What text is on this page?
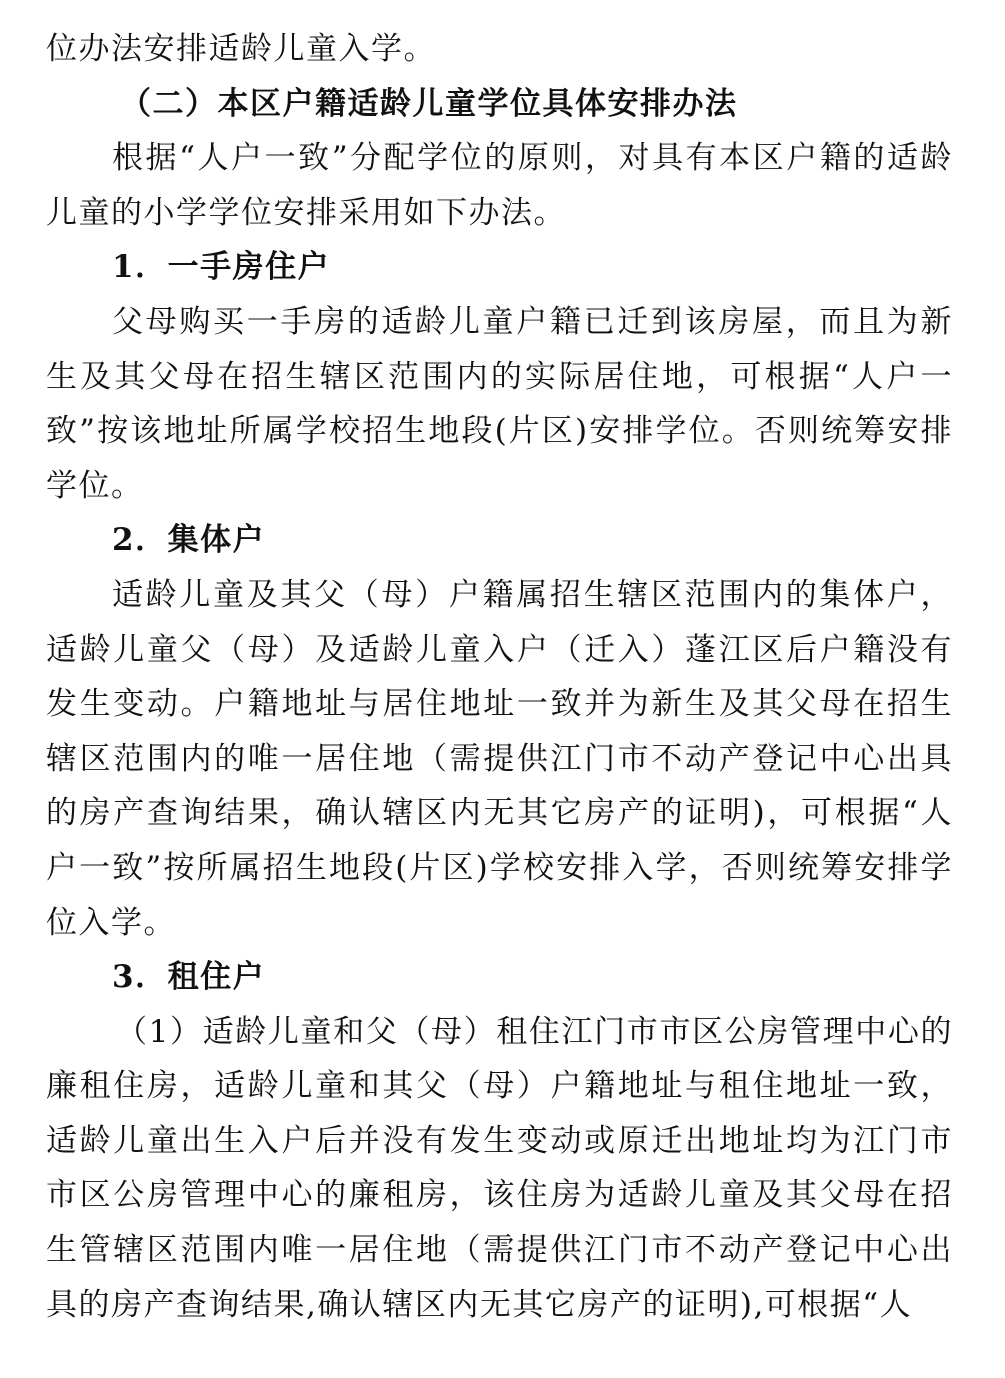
位办法安排适龄儿童入学。

（二）本区户籍适龄儿童学位具体安排办法

根据“人户一致”分配学位的原则，对具有本区户籍的适龄儿童的小学学位安排采用如下办法。

1．一手房住户

父母购买一手房的适龄儿童户籍已迁到该房屋，而且为新生及其父母在招生辖区范围内的实际居住地，可根据“人户一致”按该地址所属学校招生地段(片区)安排学位。否则统筹安排学位。

2．集体户

适龄儿童及其父（母）户籍属招生辖区范围内的集体户，适龄儿童父（母）及适龄儿童入户（迁入）蓬江区后户籍没有发生变动。户籍地址与居住地址一致并为新生及其父母在招生辖区范围内的唯一居住地（需提供江门市不动产登记中心出具的房产查询结果，确认辖区内无其它房产的证明)，可根据“人户一致”按所属招生地段(片区)学校安排入学，否则统筹安排学位入学。

3．租住户

（1）适龄儿童和父（母）租住江门市市区公房管理中心的廉租住房，适龄儿童和其父（母）户籍地址与租住地址一致，适龄儿童出生入户后并没有发生变动或原迁出地址均为江门市市区公房管理中心的廉租房，该住房为适龄儿童及其父母在招生管辖区范围内唯一居住地（需提供江门市不动产登记中心出具的房产查询结果,确认辖区内无其它房产的证明),可根据“人
